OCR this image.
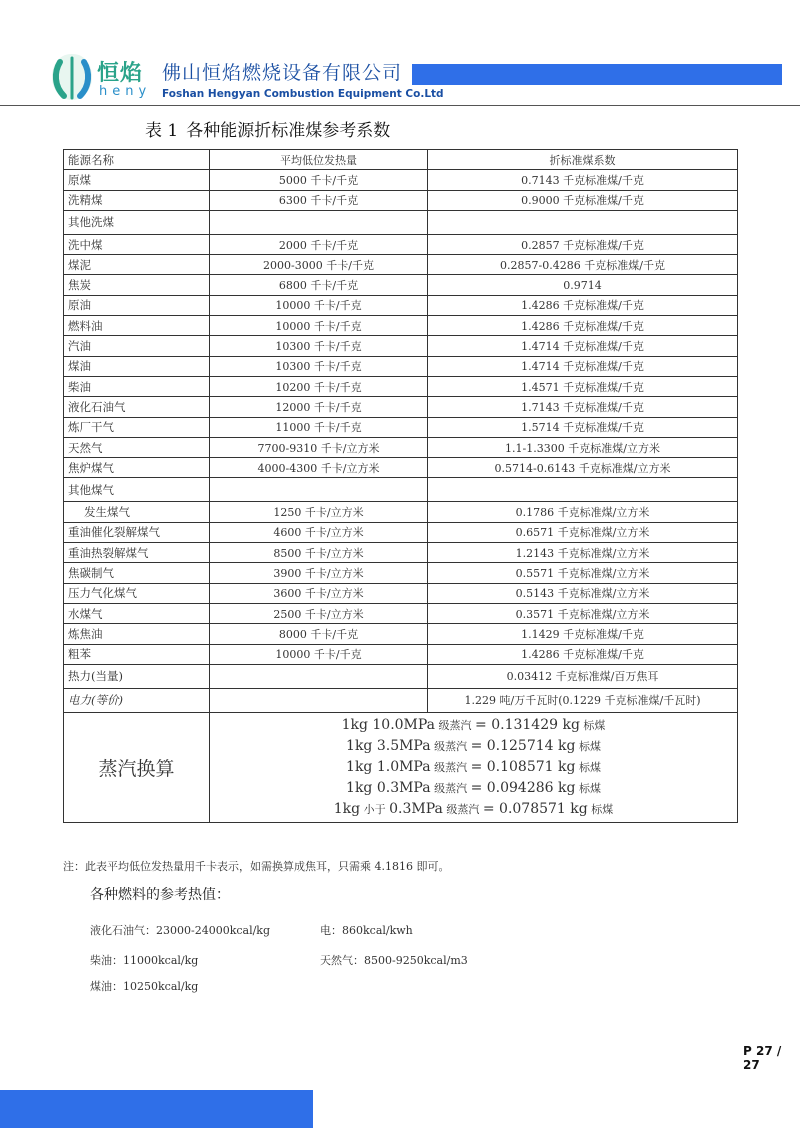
恒焰
heny
佛山恒焰燃烧设备有限公司
Foshan Hengyan Combustion Equipment Co.Ltd
表 1 各种能源折标准煤参考系数
能源名称	平均低位发热量	折标准煤系数
原煤	5000 千卡/千克	0.7143 千克标准煤/千克
洗精煤	6300 千卡/千克	0.9000 千克标准煤/千克
其他洗煤		
洗中煤	2000 千卡/千克	0.2857 千克标准煤/千克
煤泥	2000-3000 千卡/千克	0.2857-0.4286 千克标准煤/千克
焦炭	6800 千卡/千克	0.9714
原油	10000 千卡/千克	1.4286 千克标准煤/千克
燃料油	10000 千卡/千克	1.4286 千克标准煤/千克
汽油	10300 千卡/千克	1.4714 千克标准煤/千克
煤油	10300 千卡/千克	1.4714 千克标准煤/千克
柴油	10200 千卡/千克	1.4571 千克标准煤/千克
液化石油气	12000 千卡/千克	1.7143 千克标准煤/千克
炼厂干气	11000 千卡/千克	1.5714 千克标准煤/千克
天然气	7700-9310 千卡/立方米	1.1-1.3300 千克标准煤/立方米
焦炉煤气	4000-4300 千卡/立方米	0.5714-0.6143 千克标准煤/立方米
其他煤气		
发生煤气	1250 千卡/立方米	0.1786 千克标准煤/立方米
重油催化裂解煤气	4600 千卡/立方米	0.6571 千克标准煤/立方米
重油热裂解煤气	8500 千卡/立方米	1.2143 千克标准煤/立方米
焦碳制气	3900 千卡/立方米	0.5571 千克标准煤/立方米
压力气化煤气	3600 千卡/立方米	0.5143 千克标准煤/立方米
水煤气	2500 千卡/立方米	0.3571 千克标准煤/立方米
炼焦油	8000 千卡/千克	1.1429 千克标准煤/千克
粗苯	10000 千卡/千克	1.4286 千克标准煤/千克
热力(当量)		0.03412 千克标准煤/百万焦耳
电力(等价)		1.229 吨/万千瓦时(0.1229 千克标准煤/千瓦时)
蒸汽换算	1kg 10.0MPa 级蒸汽 = 0.131429 kg 标煤
1kg 3.5MPa 级蒸汽 = 0.125714 kg 标煤
1kg 1.0MPa 级蒸汽 = 0.108571 kg 标煤
1kg 0.3MPa 级蒸汽 = 0.094286 kg 标煤
1kg 小于 0.3MPa 级蒸汽 = 0.078571 kg 标煤	
注：此表平均低位发热量用千卡表示，如需换算成焦耳，只需乘 4.1816 即可。
各种燃料的参考热值：
液化石油气：23000-24000kcal/kg	电：860kcal/kwh
柴油：11000kcal/kg	天然气：8500-9250kcal/m3
煤油：10250kcal/kg
P 27 / 27
